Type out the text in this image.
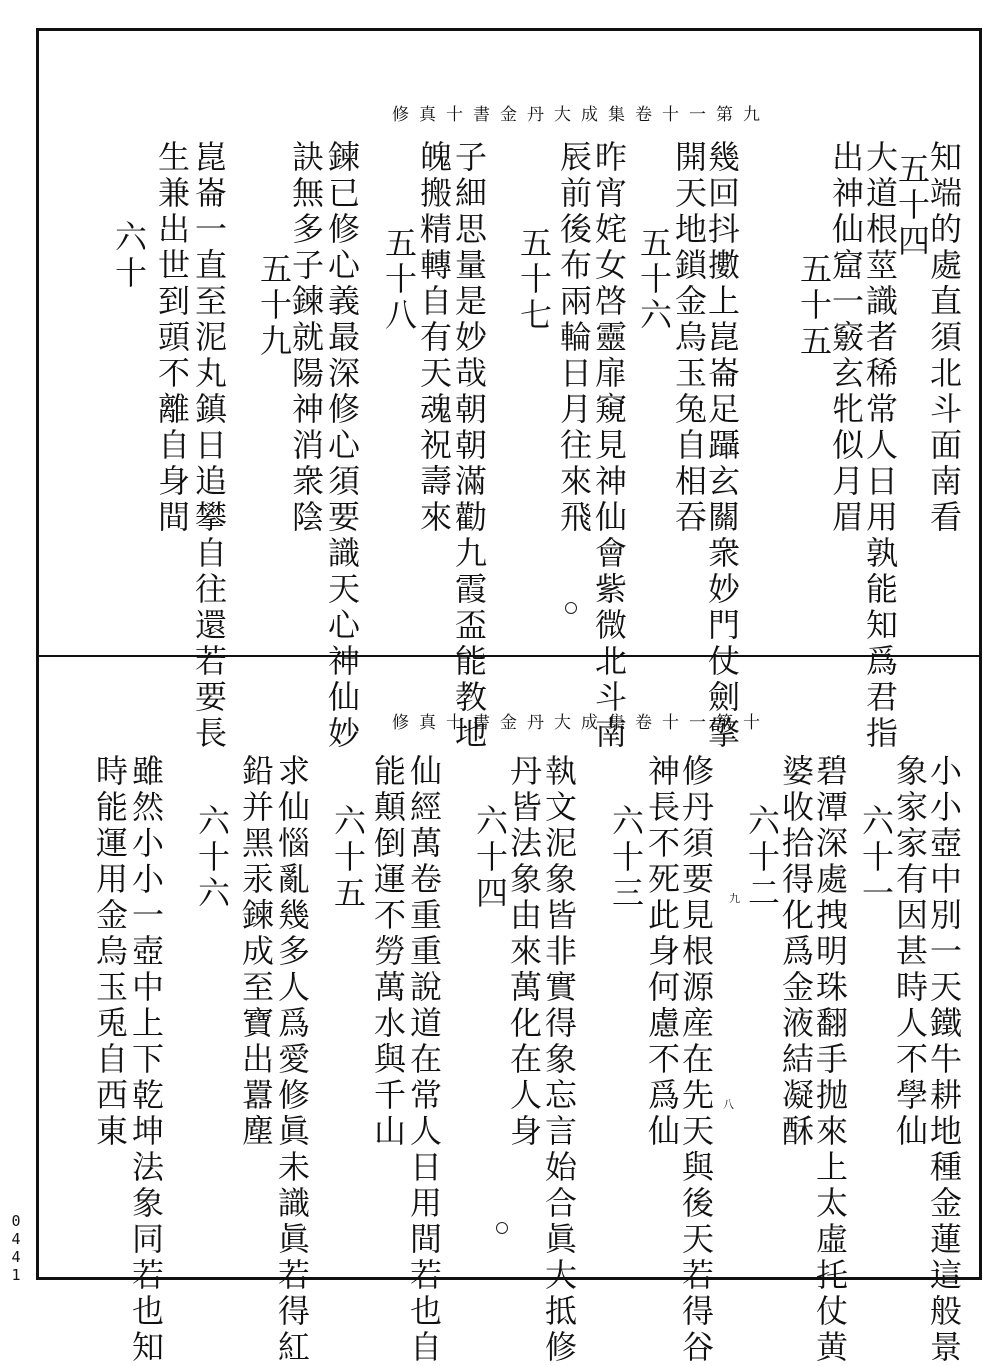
修真十書金丹大成集卷十一第九
知端的處直須北斗面南看
五十四
大道根莖識者稀常人日用孰能知爲君指
出神仙窟一竅玄牝似月眉
五十五
幾回抖擻上崑崙足躡玄關衆妙門仗劍擎
開天地鎖金烏玉兔自相吞
五十六
昨宵姹女啓靈扉窺見神仙會紫微北斗南
辰前後布兩輪日月往來飛
五十七
子細思量是妙哉朝朝滿勸九霞盃能教地
魄搬精轉自有天魂祝壽來
五十八
鍊已修心義最深修心須要識天心神仙妙
訣無多子鍊就陽神消衆陰
五十九
崑崙一直至泥丸鎮日追攀自往還若要長
生兼出世到頭不離自身間
六十
修真十書金丹大成集卷十一第十
小小壺中別一天鐵牛耕地種金蓮這般景
象家家有因甚時人不學仙
六十一
碧潭深處拽明珠翻手抛來上太虛托仗黄
婆收拾得化爲金液結凝酥
六十二
修丹須要見根源産在先天與後天若得谷
神長不死此身何慮不爲仙
六十三
執文泥象皆非實得象忘言始合眞大抵修
丹皆法象由來萬化在人身
六十四
仙經萬卷重重說道在常人日用間若也自
能顛倒運不勞萬水與千山
六十五
求仙惱亂幾多人爲愛修眞未識眞若得紅
鉛并黑汞鍊成至寶出囂塵
六十六
雖然小小一壺中上下乾坤法象同若也知
時能運用金烏玉兎自西東	九
八
0441
